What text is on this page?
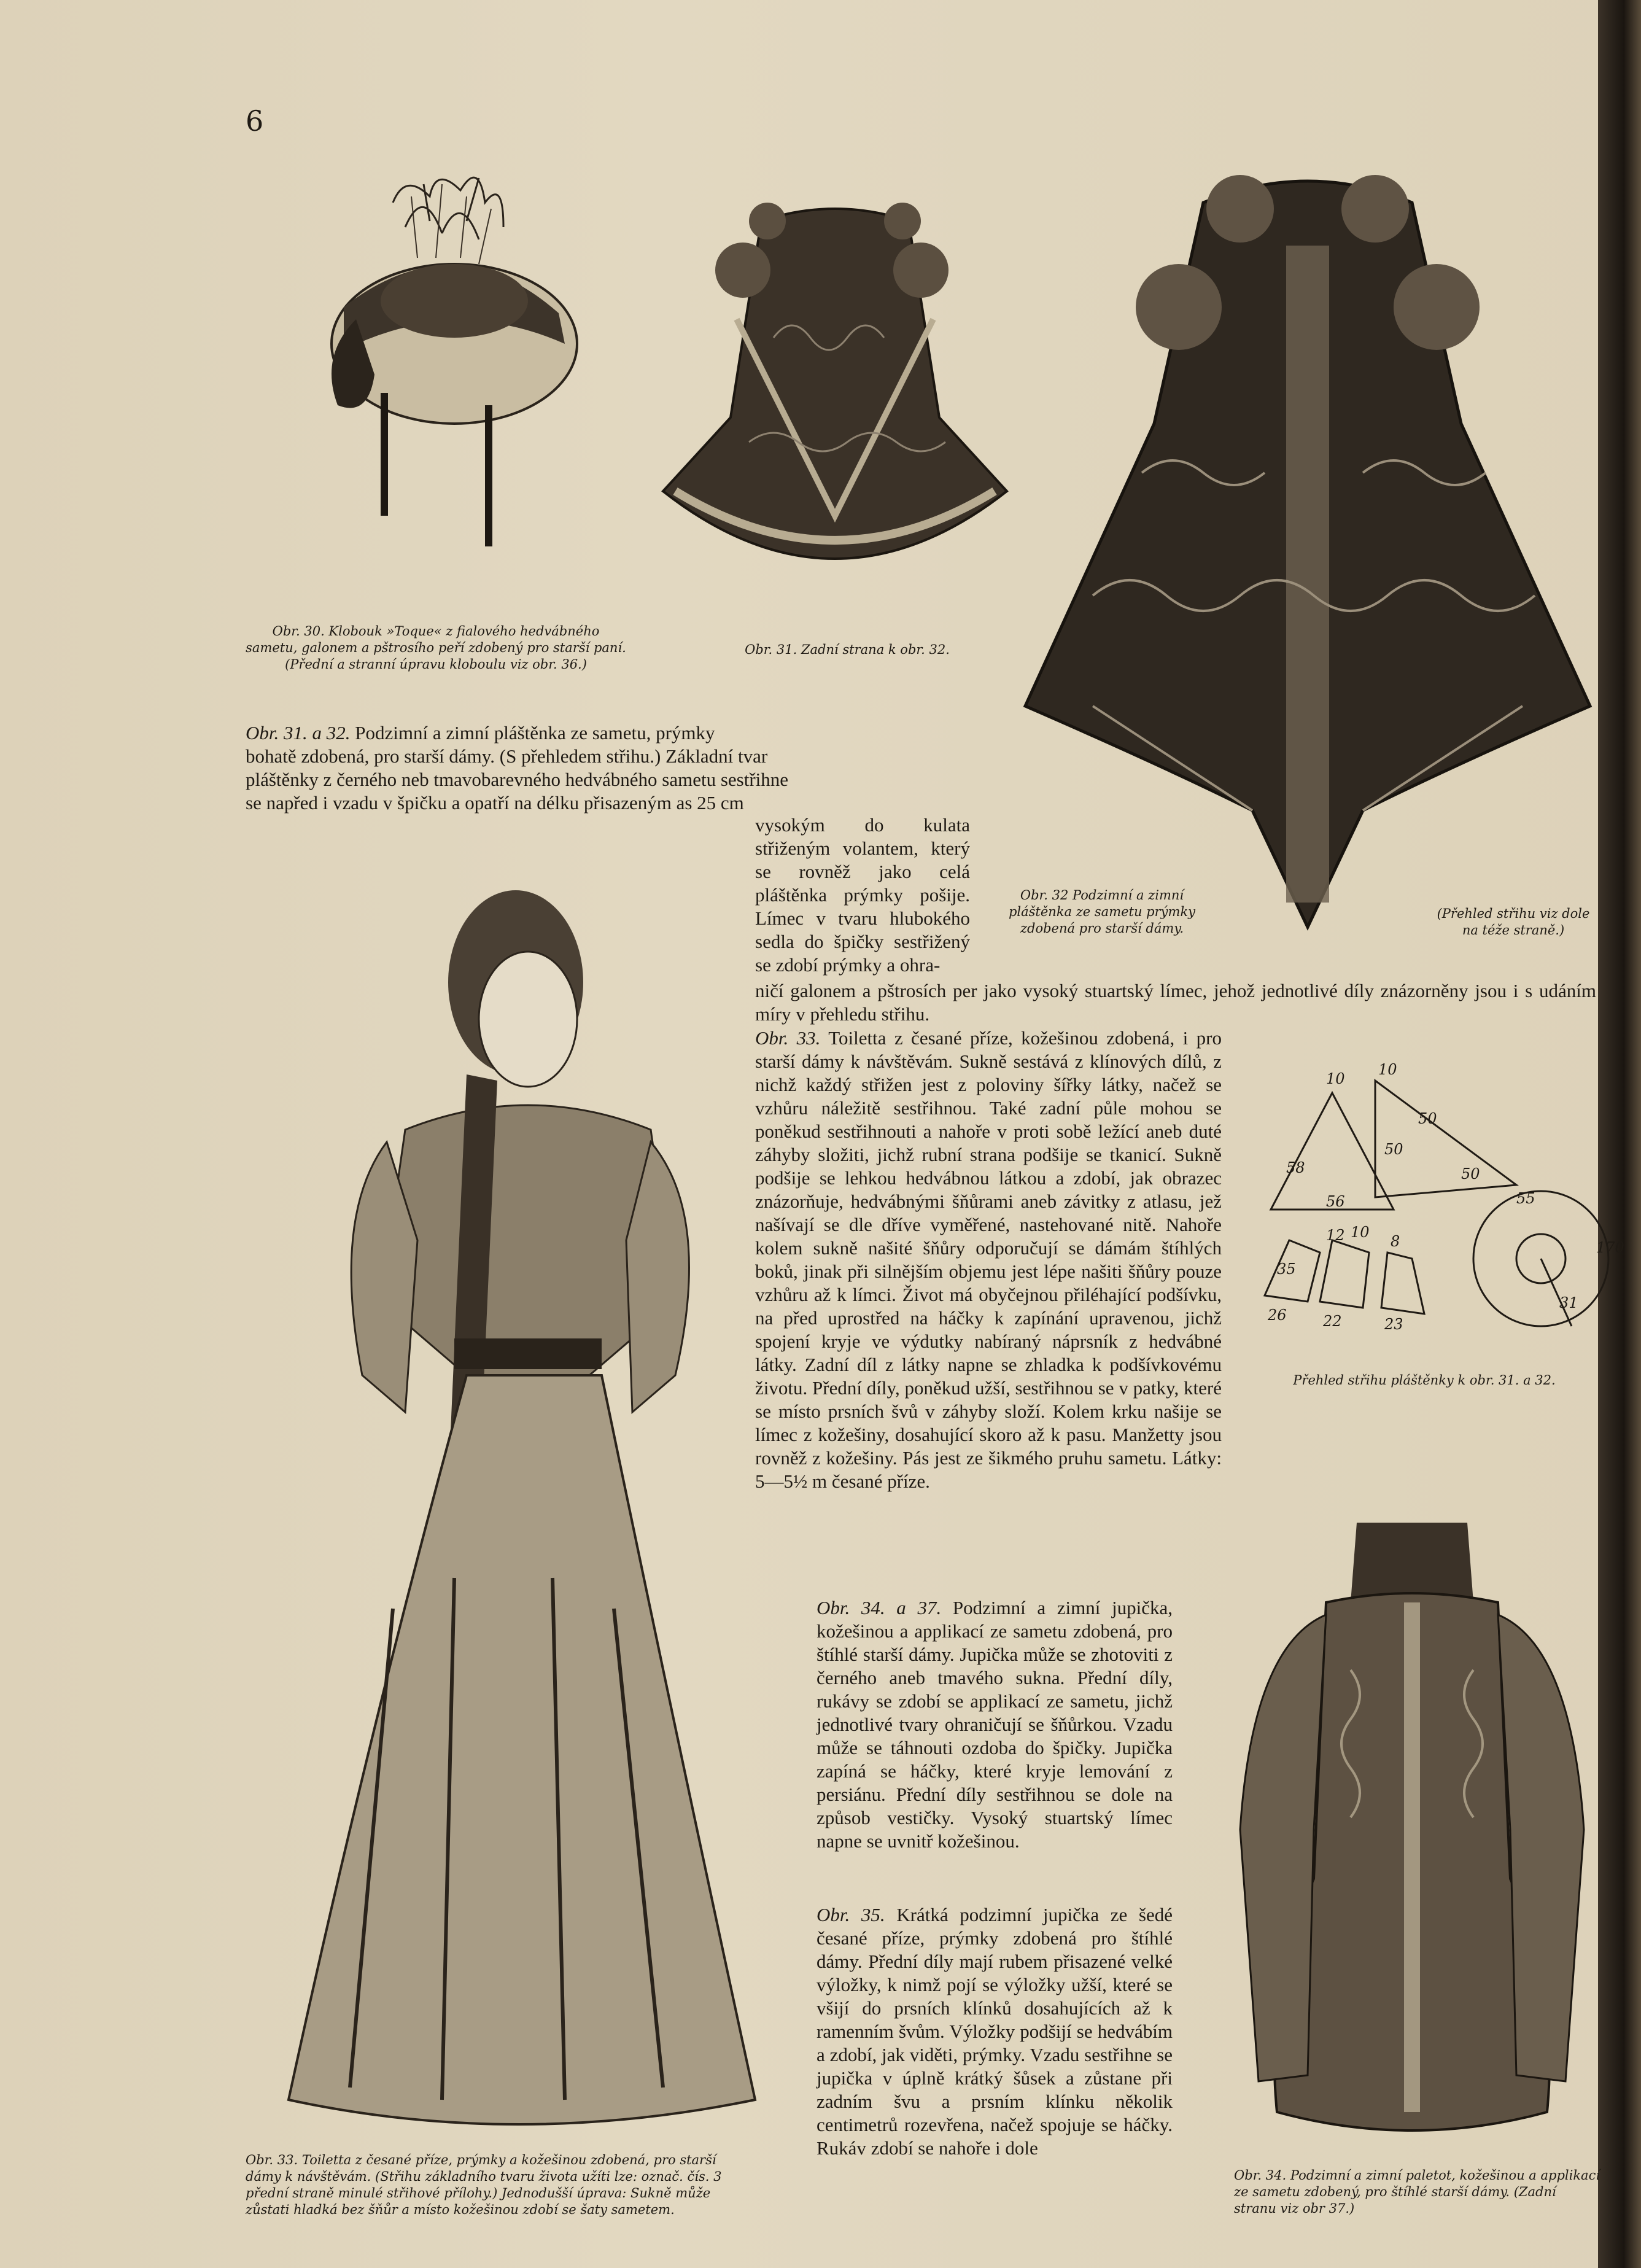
6
Obr. 30. Klobouk »Toque« z fialového hedvábného sametu, galonem a pštrosího peří zdobený pro starší paní. (Přední a stranní úpravu kloboulu viz obr. 36.)
Obr. 31. Zadní strana k obr. 32.
Obr. 32 Podzimní a zimní pláštěnka ze sametu prýmky zdobená pro starší dámy.
(Přehled střihu viz dole na téže straně.)
10
10
50
50
50
58
56	55
170
12 10
8
26 22	23
31
35
Přehled střihu pláštěnky k obr. 31. a 32.
Obr. 33. Toiletta z česané příze, prýmky a kožešinou zdobená, pro starší dámy k návštěvám. (Střihu základního tvaru života užíti lze: označ. čís. 3 přední straně minulé střihové přílohy.) Jednodušší úprava: Sukně může zůstati hladká bez šňůr a místo kožešinou zdobí se šaty sametem.
Obr. 34. Podzimní a zimní paletot, kožešinou a applikací ze sametu zdobený, pro štíhlé starší dámy. (Zadní stranu viz obr 37.)
Obr. 31. a 32. Podzimní a zimní pláštěnka ze sametu, prýmky
bohatě zdobená, pro starší dámy. (S přehledem střihu.) Základní tvar
pláštěnky z černého neb tmavobarevného hedvábného sametu sestřihne
se napřed i vzadu v špičku a opatří na délku přisazeným as 25 cm
vysokým do kulata střiženým volantem, který se rovněž jako celá pláštěnka prýmky pošije. Límec v tvaru hlubokého sedla do špičky sestřižený se zdobí prýmky a ohra-
ničí galonem a pštrosích per jako vysoký stuartský límec, jehož jednotlivé díly znázorněny jsou i s udáním míry v přehledu střihu.
Obr. 33. Toiletta z česané příze, kožešinou zdobená, i pro starší dámy k návštěvám. Sukně sestává z klínových dílů, z nichž každý střižen jest z poloviny šířky látky, načež se vzhůru náležitě sestřihnou. Také zadní půle mohou se poněkud sestřihnouti a nahoře v proti sobě ležící aneb duté záhyby složiti, jichž rubní strana podšije se tkanicí. Sukně podšije se lehkou hedvábnou látkou a zdobí, jak obrazec znázorňuje, hedvábnými šňůrami aneb závitky z atlasu, jež našívají se dle dříve vyměřené, nastehované nitě. Nahoře kolem sukně našité šňůry odporučují se dámám štíhlých boků, jinak při silnějším objemu jest lépe našiti šňůry pouze vzhůru až k límci. Život má obyčejnou přiléhající podšívku, na před uprostřed na háčky k zapínání upravenou, jichž spojení kryje ve výdutky nabíraný náprsník z hedvábné látky. Zadní díl z látky napne se zhladka k podšívkovému životu. Přední díly, poněkud užší, sestřihnou se v patky, které se místo prsních švů v záhyby složí. Kolem krku našije se límec z kožešiny, dosahující skoro až k pasu. Manžetty jsou rovněž z kožešiny. Pás jest ze šikmého pruhu sametu. Látky: 5—5½ m česané příze.
Obr. 34. a 37. Podzimní a zimní jupička, kožešinou a applikací ze sametu zdobená, pro štíhlé starší dámy. Jupička může se zhotoviti z černého aneb tmavého sukna. Přední díly, rukávy se zdobí se applikací ze sametu, jichž jednotlivé tvary ohraničují se šňůrkou. Vzadu může se táhnouti ozdoba do špičky. Jupička zapíná se háčky, které kryje lemování z persiánu. Přední díly sestřihnou se dole na způsob vestičky. Vysoký stuartský límec napne se uvnitř kožešinou.
Obr. 35. Krátká podzimní jupička ze šedé česané příze, prýmky zdobená pro štíhlé dámy. Přední díly mají rubem přisazené velké výložky, k nimž pojí se výložky užší, které se všijí do prsních klínků dosahujících až k ramenním švům. Výložky podšijí se hedvábím a zdobí, jak viděti, prýmky. Vzadu sestřihne se jupička v úplně krátký šůsek a zůstane při zadním švu a prsním klínku několik centimetrů rozevřena, načež spojuje se háčky. Rukáv zdobí se nahoře i dole
